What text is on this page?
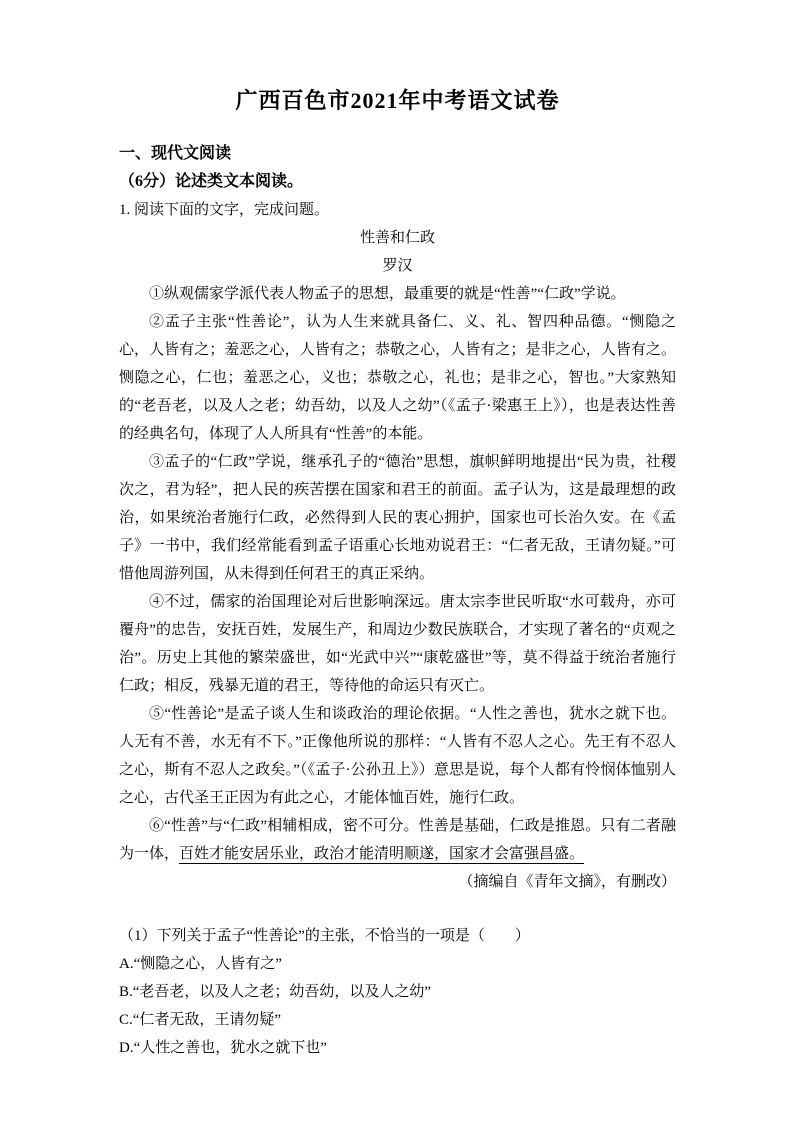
广西百色市2021年中考语文试卷
一、现代文阅读
（6分）论述类文本阅读。

1. 阅读下面的文字，完成问题。

性善和仁政

罗汉

①纵观儒家学派代表人物孟子的思想，最重要的就是“性善”“仁政”学说。

②孟子主张“性善论”，认为人生来就具备仁、义、礼、智四种品德。“恻隐之心，人皆有之；羞恶之心，人皆有之；恭敬之心，人皆有之；是非之心，人皆有之。恻隐之心，仁也；羞恶之心，义也；恭敬之心，礼也；是非之心，智也。”大家熟知的“老吾老，以及人之老；幼吾幼，以及人之幼”（《孟子·梁惠王上》），也是表达性善的经典名句，体现了人人所具有“性善”的本能。

③孟子的“仁政”学说，继承孔子的“德治”思想，旗帜鲜明地提出“民为贵，社稷次之，君为轻”，把人民的疾苦摆在国家和君王的前面。孟子认为，这是最理想的政治，如果统治者施行仁政，必然得到人民的衷心拥护，国家也可长治久安。在《孟子》一书中，我们经常能看到孟子语重心长地劝说君王：“仁者无敌，王请勿疑。”可惜他周游列国，从未得到任何君王的真正采纳。

④不过，儒家的治国理论对后世影响深远。唐太宗李世民听取“水可载舟，亦可覆舟”的忠告，安抚百姓，发展生产，和周边少数民族联合，才实现了著名的“贞观之治”。历史上其他的繁荣盛世，如“光武中兴”“康乾盛世”等，莫不得益于统治者施行仁政；相反，残暴无道的君王，等待他的命运只有灭亡。

⑤“性善论”是孟子谈人生和谈政治的理论依据。“人性之善也，犹水之就下也。人无有不善，水无有不下。”正像他所说的那样：“人皆有不忍人之心。先王有不忍人之心，斯有不忍人之政矣。”（《孟子·公孙丑上》）意思是说，每个人都有怜悯体恤别人之心，古代圣王正因为有此之心，才能体恤百姓，施行仁政。

⑥“性善”与“仁政”相辅相成，密不可分。性善是基础，仁政是推恩。只有二者融为一体，百姓才能安居乐业，政治才能清明顺遂，国家才会富强昌盛。

（摘编自《青年文摘》，有删改）

（1）下列关于孟子“性善论”的主张，不恰当的一项是（　　）

A.“恻隐之心，人皆有之”

B.“老吾老，以及人之老；幼吾幼，以及人之幼”

C.“仁者无敌，王请勿疑”

D.“人性之善也，犹水之就下也”
